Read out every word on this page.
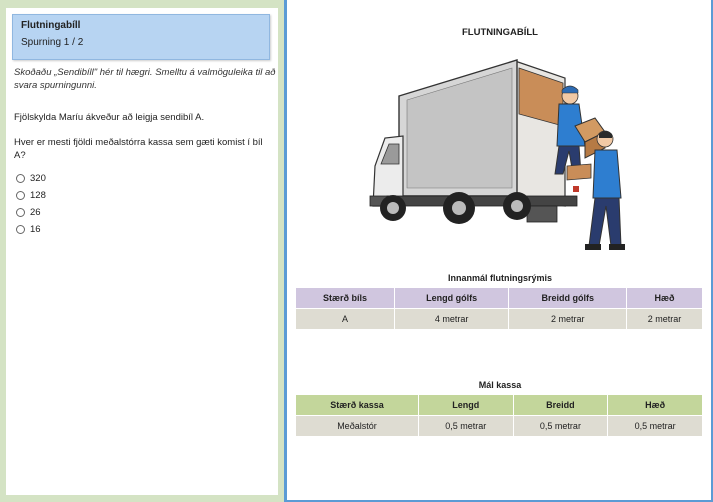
Flutningabíll
Spurning 1 / 2
Skoðaðu „Sendibíll" hér til hægri. Smelltu á valmöguleika til að svara spurningunni.
Fjölskylda Maríu ákveður að leigja sendibíl A.
Hver er mesti fjöldi meðalstórra kassa sem gæti komist í bíl A?
320
128
26
16
FLUTNINGABÍLL
Innanmál flutningsrýmis
Stærð bíls	Lengd gólfs	Breidd gólfs	Hæð
A	4 metrar	2 metrar	2 metrar
Mál kassa
Stærð kassa	Lengd	Breidd	Hæð
Meðalstór	0,5 metrar	0,5 metrar	0,5 metrar
